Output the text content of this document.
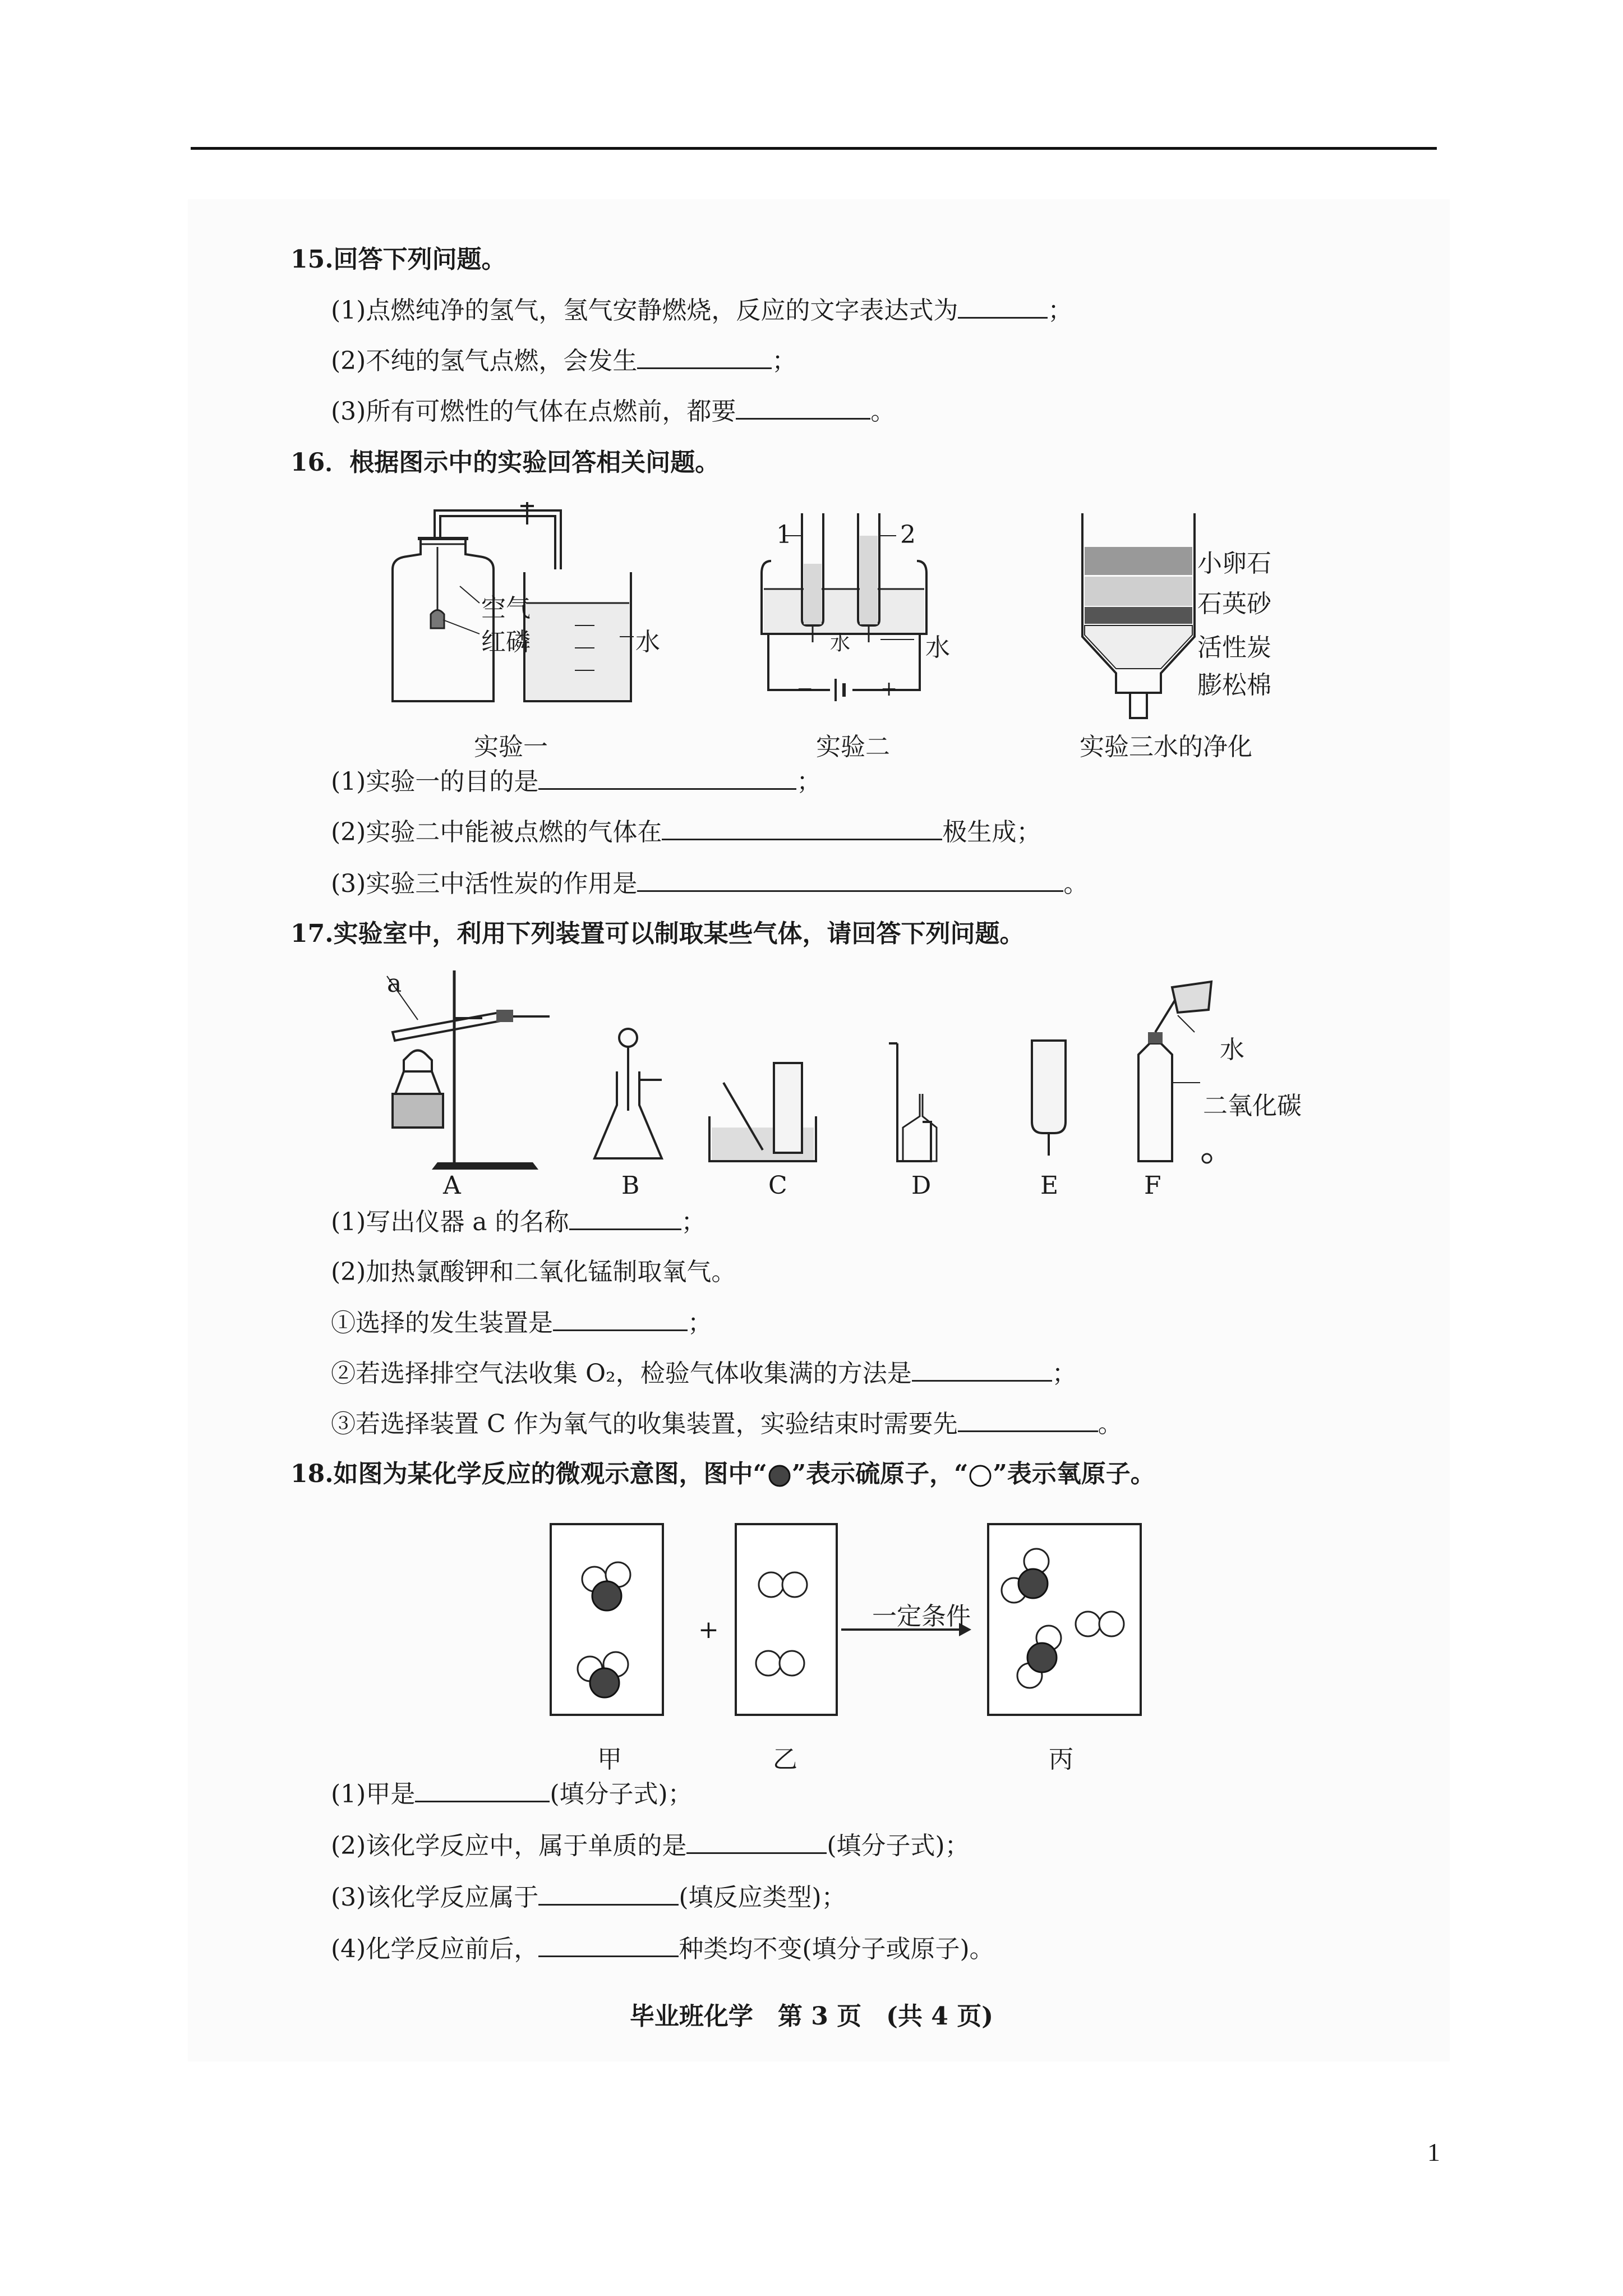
15.回答下列问题。
(1)点燃纯净的氢气，氢气安静燃烧，反应的文字表达式为	；
(2)不纯的氢气点燃，会发生	；
(3)所有可燃性的气体在点燃前，都要	。
16．根据图示中的实验回答相关问题。
空气
红磷	水
实验一
1	2
水	水
−	+
实验二
小卵石
石英砂
活性炭
膨松棉
实验三水的净化
(1)实验一的目的是	；
(2)实验二中能被点燃的气体在	极生成；
(3)实验三中活性炭的作用是	。
17.实验室中，利用下列装置可以制取某些气体，请回答下列问题。
a
A	B	C	D	E	F
水
二氧化碳
(1)写出仪器 a 的名称	；
(2)加热氯酸钾和二氧化锰制取氧气。
①选择的发生装置是	；
②若选择排空气法收集 O₂，检验气体收集满的方法是	；
③若选择装置 C 作为氧气的收集装置，实验结束时需要先	。
18.如图为某化学反应的微观示意图，图中“ ”表示硫原子，“ ”表示氧原子。
+	一定条件
甲	乙	丙
(1)甲是	(填分子式)；
(2)该化学反应中，属于单质的是	(填分子式)；
(3)该化学反应属于	(填反应类型)；
(4)化学反应前后，	种类均不变(填分子或原子)。
毕业班化学　第 3 页　(共 4 页)
1
